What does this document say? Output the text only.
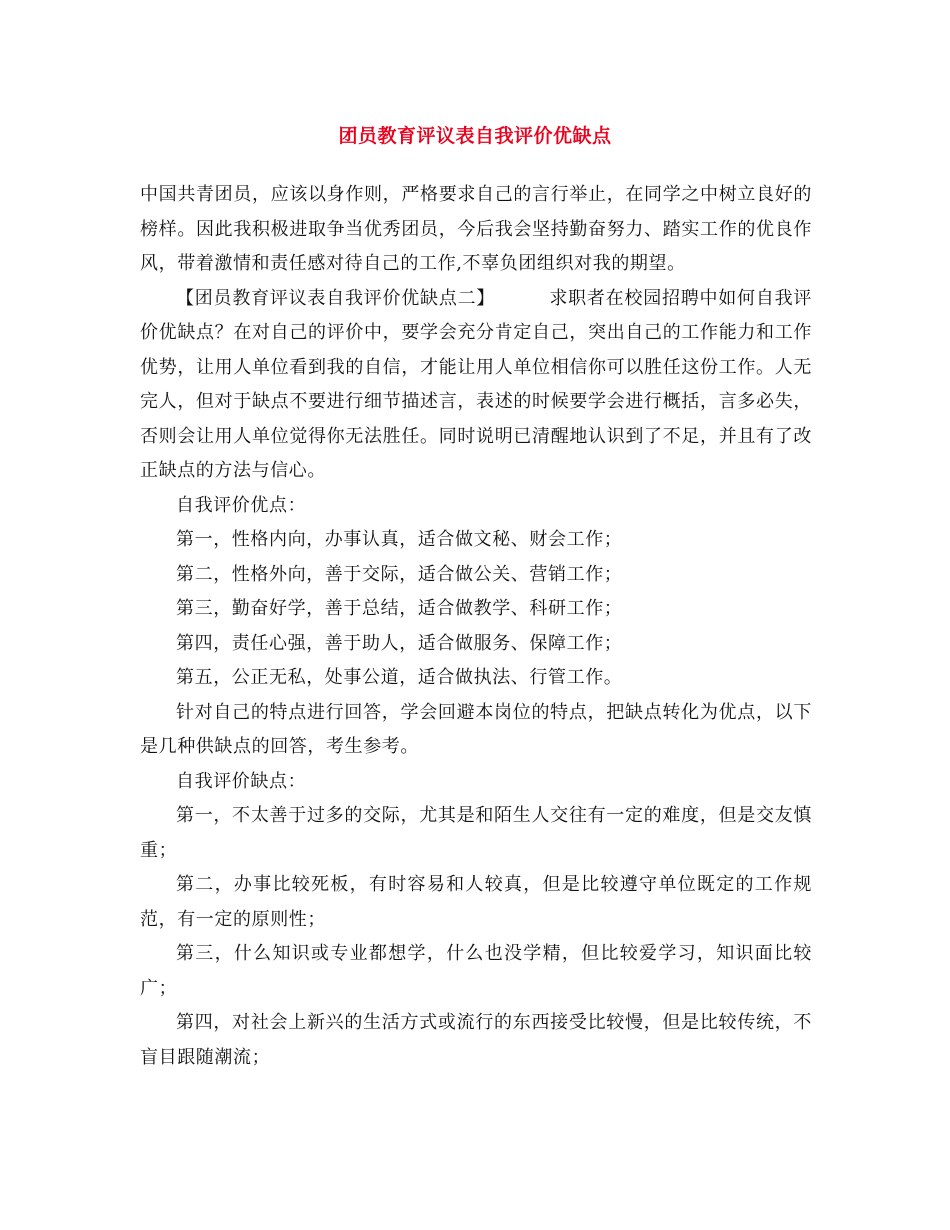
团员教育评议表自我评价优缺点

中国共青团员，应该以身作则，严格要求自己的言行举止，在同学之中树立良好的榜样。因此我积极进取争当优秀团员，今后我会坚持勤奋努力、踏实工作的优良作风，带着激情和责任感对待自己的工作,不辜负团组织对我的期望。

【团员教育评议表自我评价优缺点二】	求职者在校园招聘中如何自我评价优缺点？在对自己的评价中，要学会充分肯定自己，突出自己的工作能力和工作优势，让用人单位看到我的自信，才能让用人单位相信你可以胜任这份工作。人无完人，但对于缺点不要进行细节描述言，表述的时候要学会进行概括，言多必失，否则会让用人单位觉得你无法胜任。同时说明已清醒地认识到了不足，并且有了改正缺点的方法与信心。

自我评价优点：

第一，性格内向，办事认真，适合做文秘、财会工作；

第二，性格外向，善于交际，适合做公关、营销工作；

第三，勤奋好学，善于总结，适合做教学、科研工作；

第四，责任心强，善于助人，适合做服务、保障工作；

第五，公正无私，处事公道，适合做执法、行管工作。

针对自己的特点进行回答，学会回避本岗位的特点，把缺点转化为优点，以下是几种供缺点的回答，考生参考。

自我评价缺点：

第一，不太善于过多的交际，尤其是和陌生人交往有一定的难度，但是交友慎重；

第二，办事比较死板，有时容易和人较真，但是比较遵守单位既定的工作规范，有一定的原则性；

第三，什么知识或专业都想学，什么也没学精，但比较爱学习，知识面比较广；

第四，对社会上新兴的生活方式或流行的东西接受比较慢，但是比较传统，不盲目跟随潮流；
